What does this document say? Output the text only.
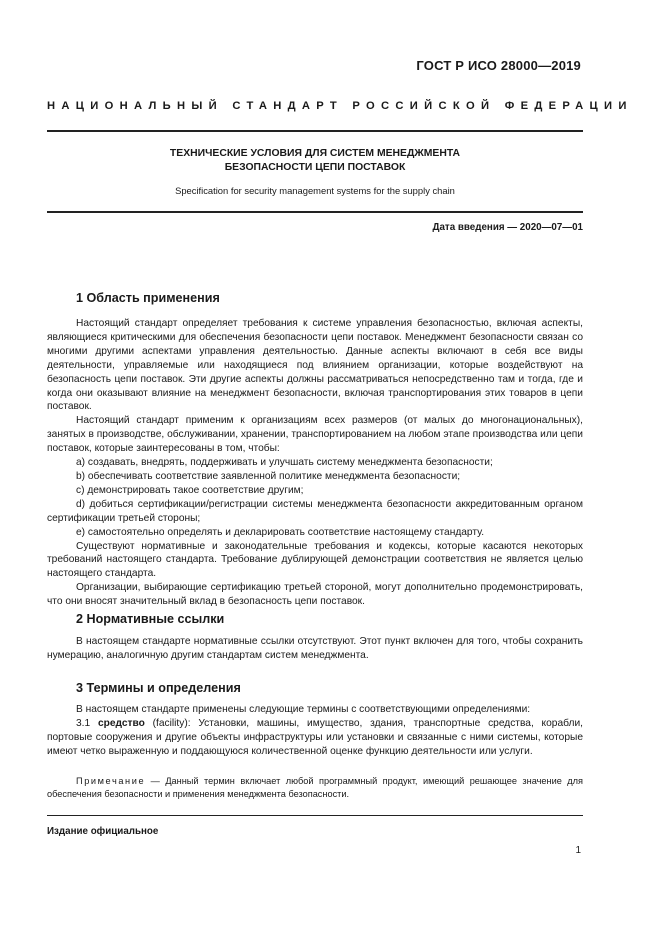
ГОСТ Р ИСО 28000—2019
НАЦИОНАЛЬНЫЙ СТАНДАРТ РОССИЙСКОЙ ФЕДЕРАЦИИ
ТЕХНИЧЕСКИЕ УСЛОВИЯ ДЛЯ СИСТЕМ МЕНЕДЖМЕНТА
БЕЗОПАСНОСТИ ЦЕПИ ПОСТАВОК
Specification for security management systems for the supply chain
Дата введения — 2020—07—01
1 Область применения

Настоящий стандарт определяет требования к системе управления безопасностью, включая аспекты, являющиеся критическими для обеспечения безопасности цепи поставок. Менеджмент безопасности связан со многими другими аспектами управления деятельностью. Данные аспекты включают в себя все виды деятельности, управляемые или находящиеся под влиянием организации, которые воздействуют на безопасность цепи поставок. Эти другие аспекты должны рассматриваться непосредственно там и тогда, где и когда они оказывают влияние на менеджмент безопасности, включая транспортирования этих товаров в цепи поставок.

Настоящий стандарт применим к организациям всех размеров (от малых до многонациональных), занятых в производстве, обслуживании, хранении, транспортированием на любом этапе производства или цепи поставок, которые заинтересованы в том, чтобы:

a) создавать, внедрять, поддерживать и улучшать систему менеджмента безопасности;

b) обеспечивать соответствие заявленной политике менеджмента безопасности;

c) демонстрировать такое соответствие другим;

d) добиться сертификации/регистрации системы менеджмента безопасности аккредитованным органом сертификации третьей стороны;

e) самостоятельно определять и декларировать соответствие настоящему стандарту.

Существуют нормативные и законодательные требования и кодексы, которые касаются некоторых требований настоящего стандарта. Требование дублирующей демонстрации соответствия не является целью настоящего стандарта.

Организации, выбирающие сертификацию третьей стороной, могут дополнительно продемонстрировать, что они вносят значительный вклад в безопасность цепи поставок.

2 Нормативные ссылки

В настоящем стандарте нормативные ссылки отсутствуют. Этот пункт включен для того, чтобы сохранить нумерацию, аналогичную другим стандартам систем менеджмента.

3 Термины и определения

В настоящем стандарте применены следующие термины с соответствующими определениями:

3.1 средство (facility): Установки, машины, имущество, здания, транспортные средства, корабли, портовые сооружения и другие объекты инфраструктуры или установки и связанные с ними системы, которые имеют четко выраженную и поддающуюся количественной оценке функцию деятельности или услуги.

Примечание — Данный термин включает любой программный продукт, имеющий решающее значение для обеспечения безопасности и применения менеджмента безопасности.

Издание официальное
1
